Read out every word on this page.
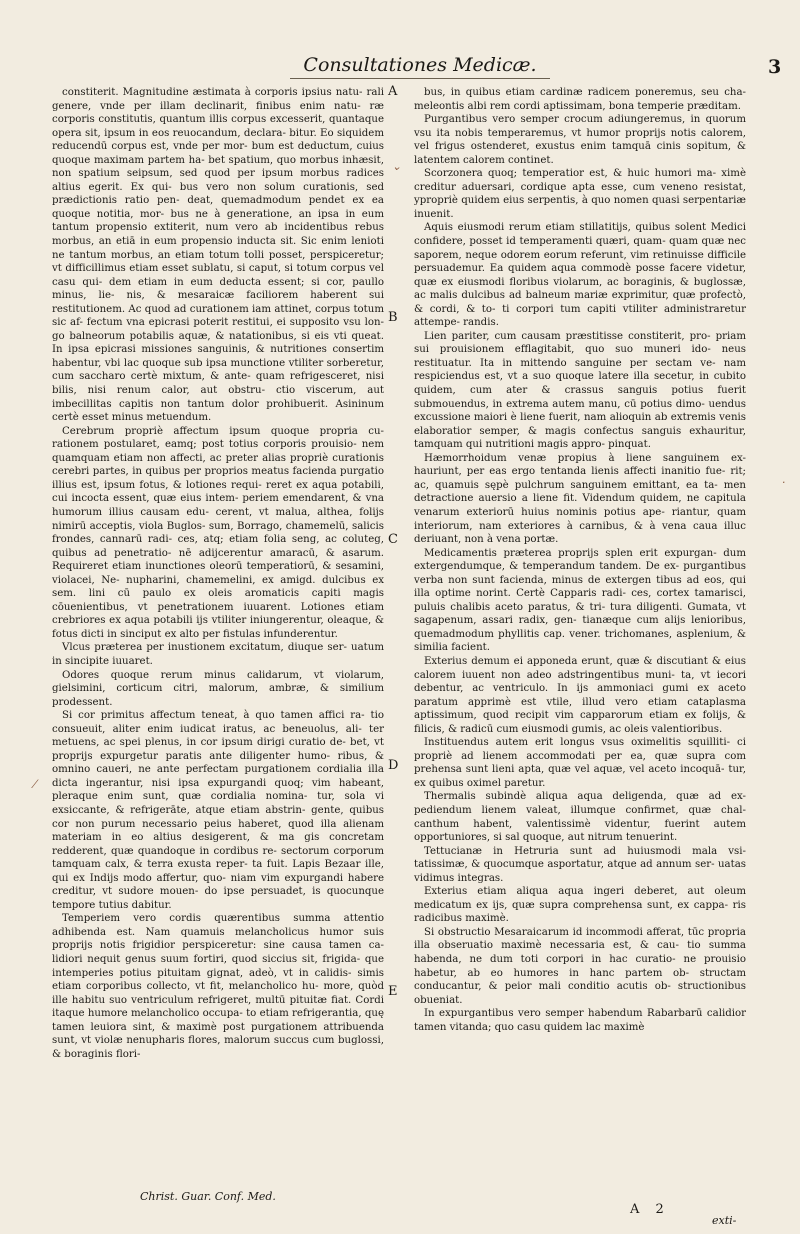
Consultationes Medicæ.	3

constiterit. Magnitudine æstimata à corporis ipsius natu- rali genere, vnde per illam declinarit, finibus enim natu- ræ corporis constitutis, quantum illis corpus excesserit, quantaque opera sit, ipsum in eos reuocandum, declara- bitur. Eo siquidem reducendū corpus est, vnde per mor- bum est deductum, cuius quoque maximam partem ha- bet spatium, quo morbus inhæsit, non spatium seipsum, sed quod per ipsum morbus radices altius egerit. Ex qui- bus vero non solum curationis, sed prædictionis ratio pen- deat, quemadmodum pendet ex ea quoque notitia, mor- bus ne à generatione, an ipsa in eum tantum propensio extiterit, num vero ab incidentibus rebus morbus, an etiā in eum propensio inducta sit. Sic enim lenioti ne tantum morbus, an etiam totum tolli posset, perspiceretur; vt difficillimus etiam esset sublatu, si caput, si totum corpus vel casu qui- dem etiam in eum deducta essent; si cor, paullo minus, lie- nis, & mesaraicæ faciliorem haberent sui restitutionem. Ac quod ad curationem iam attinet, corpus totum sic af- fectum vna epicrasi poterit restitui, ei supposito vsu lon- go balneorum potabilis aquæ, & natationibus, si eis vti queat. In ipsa epicrasi missiones sanguinis, & nutritiones consertim habentur, vbi lac quoque sub ipsa munctione vtiliter sorberetur, cum saccharo certè mixtum, & ante- quam refrigesceret, nisi bilis, nisi renum calor, aut obstru- ctio viscerum, aut imbecillitas capitis non tantum dolor prohibuerit. Asininum certè esset minus metuendum.

Cerebrum propriè affectum ipsum quoque propria cu- rationem postularet, eamq; post totius corporis prouisio- nem quamquam etiam non affecti, ac preter alias propriè curationis cerebri partes, in quibus per proprios meatus facienda purgatio illius est, ipsum fotus, & lotiones requi- reret ex aqua potabili, cui incocta essent, quæ eius intem- periem emendarent, & vna humorum illius causam edu- cerent, vt malua, althea, folijs nimirū acceptis, viola Buglos- sum, Borrago, chamemelū, salicis frondes, cannarū radi- ces, atq; etiam folia seng, ac coluteg, quibus ad penetratio- nē adijcerentur amaracū, & asarum. Requireret etiam inunctiones oleorū temperatiorū, & sesamini, violacei, Ne- nupharini, chamemelini, ex amigd. dulcibus ex sem. lini cū paulo ex oleis aromaticis capiti magis cōuenientibus, vt penetrationem iuuarent. Lotiones etiam crebriores ex aqua potabili ijs vtiliter iniungerentur, oleaque, & fotus dicti in sinciput ex alto per fistulas infunderentur.

Vlcus præterea per inustionem excitatum, diuque ser- uatum in sincipite iuuaret.

Odores quoque rerum minus calidarum, vt violarum, gielsimini, corticum citri, malorum, ambræ, & similium prodessent.

Si cor primitus affectum teneat, à quo tamen affici ra- tio consueuit, aliter enim iudicat iratus, ac beneuolus, ali- ter metuens, ac spei plenus, in cor ipsum dirigi curatio de- bet, vt proprijs expurgetur paratis ante diligenter humo- ribus, & omnino caueri, ne ante perfectam purgationem cordialia illa dicta ingerantur, nisi ipsa expurgandi quoq; vim habeant, pleraque enim sunt, quæ cordialia nomina- tur, sola vi exsiccante, & refrigerāte, atque etiam abstrin- gente, quibus cor non purum necessario peius haberet, quod illa alienam materiam in eo altius desigerent, & ma gis concretam redderent, quæ quandoque in cordibus re- sectorum corporum tamquam calx, & terra exusta reper- ta fuit. Lapis Bezaar ille, qui ex Indijs modo affertur, quo- niam vim expurgandi habere creditur, vt sudore mouen- do ipse persuadet, is quocunque tempore tutius dabitur.

Temperiem vero cordis quærentibus summa attentio adhibenda est. Nam quamuis melancholicus humor suis proprijs notis frigidior perspiceretur: sine causa tamen ca- lidiori nequit genus suum fortiri, quod siccius sit, frigida- que intemperies potius pituitam gignat, adeò, vt in calidis- simis etiam corporibus collecto, vt fit, melancholico hu- more, quòd ille habitu suo ventriculum refrigeret, multū pituitæ fiat. Cordi itaque humore melancholico occupa- to etiam refrigerantia, quę tamen leuiora sint, & maximè post purgationem attribuenda sunt, vt violæ nenupharis flores, malorum succus cum buglossi, & boraginis flori-

A
B
C
D
E

bus, in quibus etiam cardinæ radicem poneremus, seu cha- meleontis albi rem cordi aptissimam, bona temperie præditam.

Purgantibus vero semper crocum adiungeremus, in quorum vsu ita nobis temperaremus, vt humor proprijs notis calorem, vel frigus ostenderet, exustus enim tamquā cinis sopitum, & latentem calorem continet.

Scorzonera quoq; temperatior est, & huic humori ma- ximè creditur aduersari, cordique apta esse, cum veneno resistat, ypropriè quidem eius serpentis, à quo nomen quasi serpentariæ inuenit.

Aquis eiusmodi rerum etiam stillatitijs, quibus solent Medici confidere, posset id temperamenti quæri, quam- quam quæ nec saporem, neque odorem eorum referunt, vim retinuisse difficile persuademur. Ea quidem aqua commodè posse facere videtur, quæ ex eiusmodi floribus violarum, ac boraginis, & buglossæ, ac malis dulcibus ad balneum mariæ exprimitur, quæ profectò, & cordi, & to- ti corpori tum capiti vtiliter administraretur attempe- randis.

Lien pariter, cum causam præstitisse constiterit, pro- priam sui prouisionem efflagitabit, quo suo muneri ido- neus restituatur. Ita in mittendo sanguine per sectam ve- nam respiciendus est, vt a suo quoque latere illa secetur, in cubito quidem, cum ater & crassus sanguis potius fuerit submouendus, in extrema autem manu, cū potius dimo- uendus excussione maiori è liene fuerit, nam alioquin ab extremis venis elaboratior semper, & magis confectus sanguis exhauritur, tamquam qui nutritioni magis appro- pinquat.

Hæmorrhoidum venæ propius à liene sanguinem ex- hauriunt, per eas ergo tentanda lienis affecti inanitio fue- rit; ac, quamuis sępè pulchrum sanguinem emittant, ea ta- men detractione auersio a liene fit. Videndum quidem, ne capitula venarum exteriorū huius nominis potius ape- riantur, quam interiorum, nam exteriores à carnibus, & à vena caua illuc deriuant, non à vena portæ.

Medicamentis præterea proprijs splen erit expurgan- dum extergendumque, & temperandum tandem. De ex- purgantibus verba non sunt facienda, minus de extergen tibus ad eos, qui illa optime norint. Certè Capparis radi- ces, cortex tamarisci, puluis chalibis aceto paratus, & tri- tura diligenti. Gumata, vt sagapenum, assari radix, gen- tianæque cum alijs lenioribus, quemadmodum phyllitis cap. vener. trichomanes, asplenium, & similia facient.

Exterius demum ei apponeda erunt, quæ & discutiant & eius calorem iuuent non adeo adstringentibus muni- ta, vt iecori debentur, ac ventriculo. In ijs ammoniaci gumi ex aceto paratum apprimè est vtile, illud vero etiam cataplasma aptissimum, quod recipit vim capparorum etiam ex folijs, & filicis, & radicū cum eiusmodi gumis, ac oleis valentioribus.

Instituendus autem erit longus vsus oximelitis squilliti- ci propriè ad lienem accommodati per ea, quæ supra com prehensa sunt lieni apta, quæ vel aquæ, vel aceto incoquā- tur, ex quibus oximel paretur.

Thermalis subindè aliqua aqua deligenda, quæ ad ex- pediendum lienem valeat, illumque confirmet, quæ chal- canthum habent, valentissimè videntur, fuerint autem opportuniores, si sal quoque, aut nitrum tenuerint.

Tettucianæ in Hetruria sunt ad huiusmodi mala vsi- tatissimæ, & quocumque asportatur, atque ad annum ser- uatas vidimus integras.

Exterius etiam aliqua aqua ingeri deberet, aut oleum medicatum ex ijs, quæ supra comprehensa sunt, ex cappa- ris radicibus maximè.

Si obstructio Mesaraicarum id incommodi afferat, tūc propria illa obseruatio maximè necessaria est, & cau- tio summa habenda, ne dum toti corpori in hac curatio- ne prouisio habetur, ab eo humores in hanc partem ob- structam conducantur, & peior mali conditio acutis ob- structionibus obueniat.

In expurgantibus vero semper habendum Rabarbarū calidior tamen vitanda; quo casu quidem lac maximè

⌄
⁄
·
Christ. Guar. Conf. Med.
A 2
exti-
